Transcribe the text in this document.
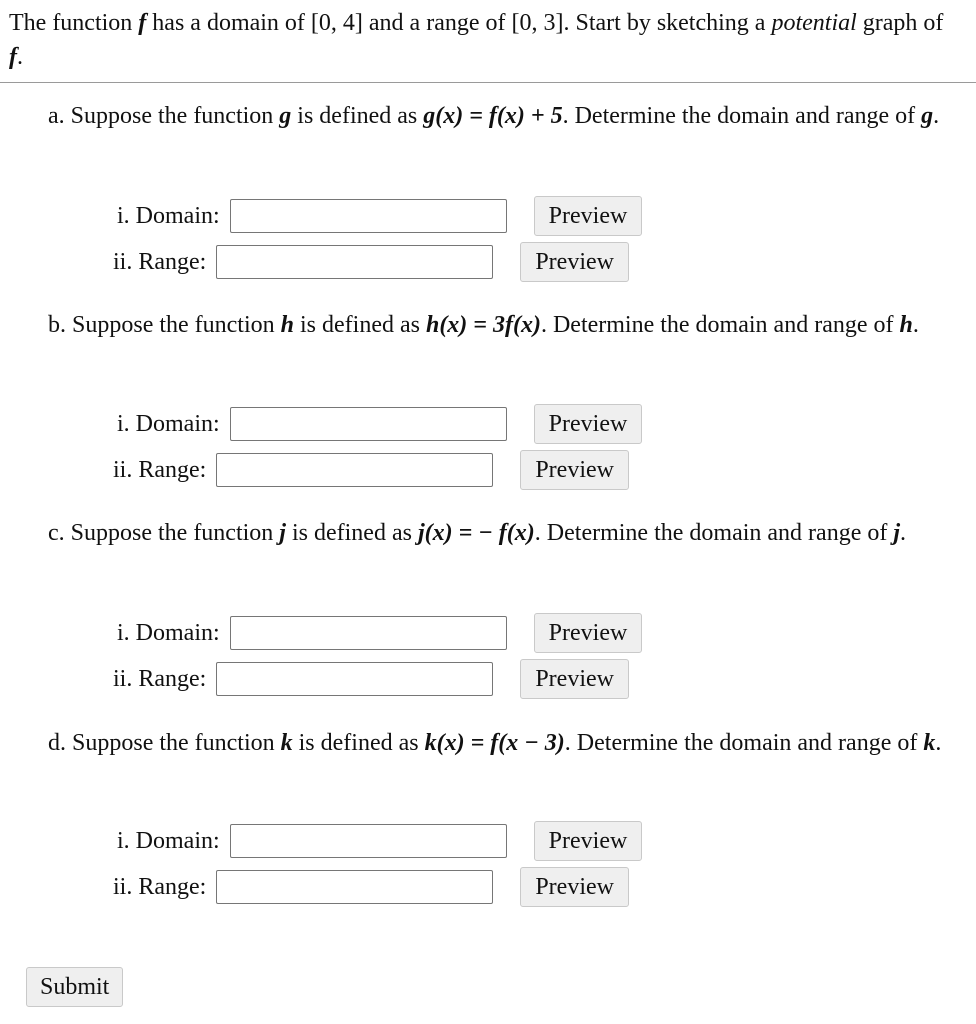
The function f has a domain of [0, 4] and a range of [0, 3]. Start by sketching a potential graph of f.
a. Suppose the function g is defined as g(x) = f(x) + 5. Determine the domain and range of g.
i. Domain:	Preview
ii. Range:	Preview
b. Suppose the function h is defined as h(x) = 3f(x). Determine the domain and range of h.
i. Domain:	Preview
ii. Range:	Preview
c. Suppose the function j is defined as j(x) = − f(x). Determine the domain and range of j.
i. Domain:	Preview
ii. Range:	Preview
d. Suppose the function k is defined as k(x) = f(x − 3). Determine the domain and range of k.
i. Domain:	Preview
ii. Range:	Preview
Submit
